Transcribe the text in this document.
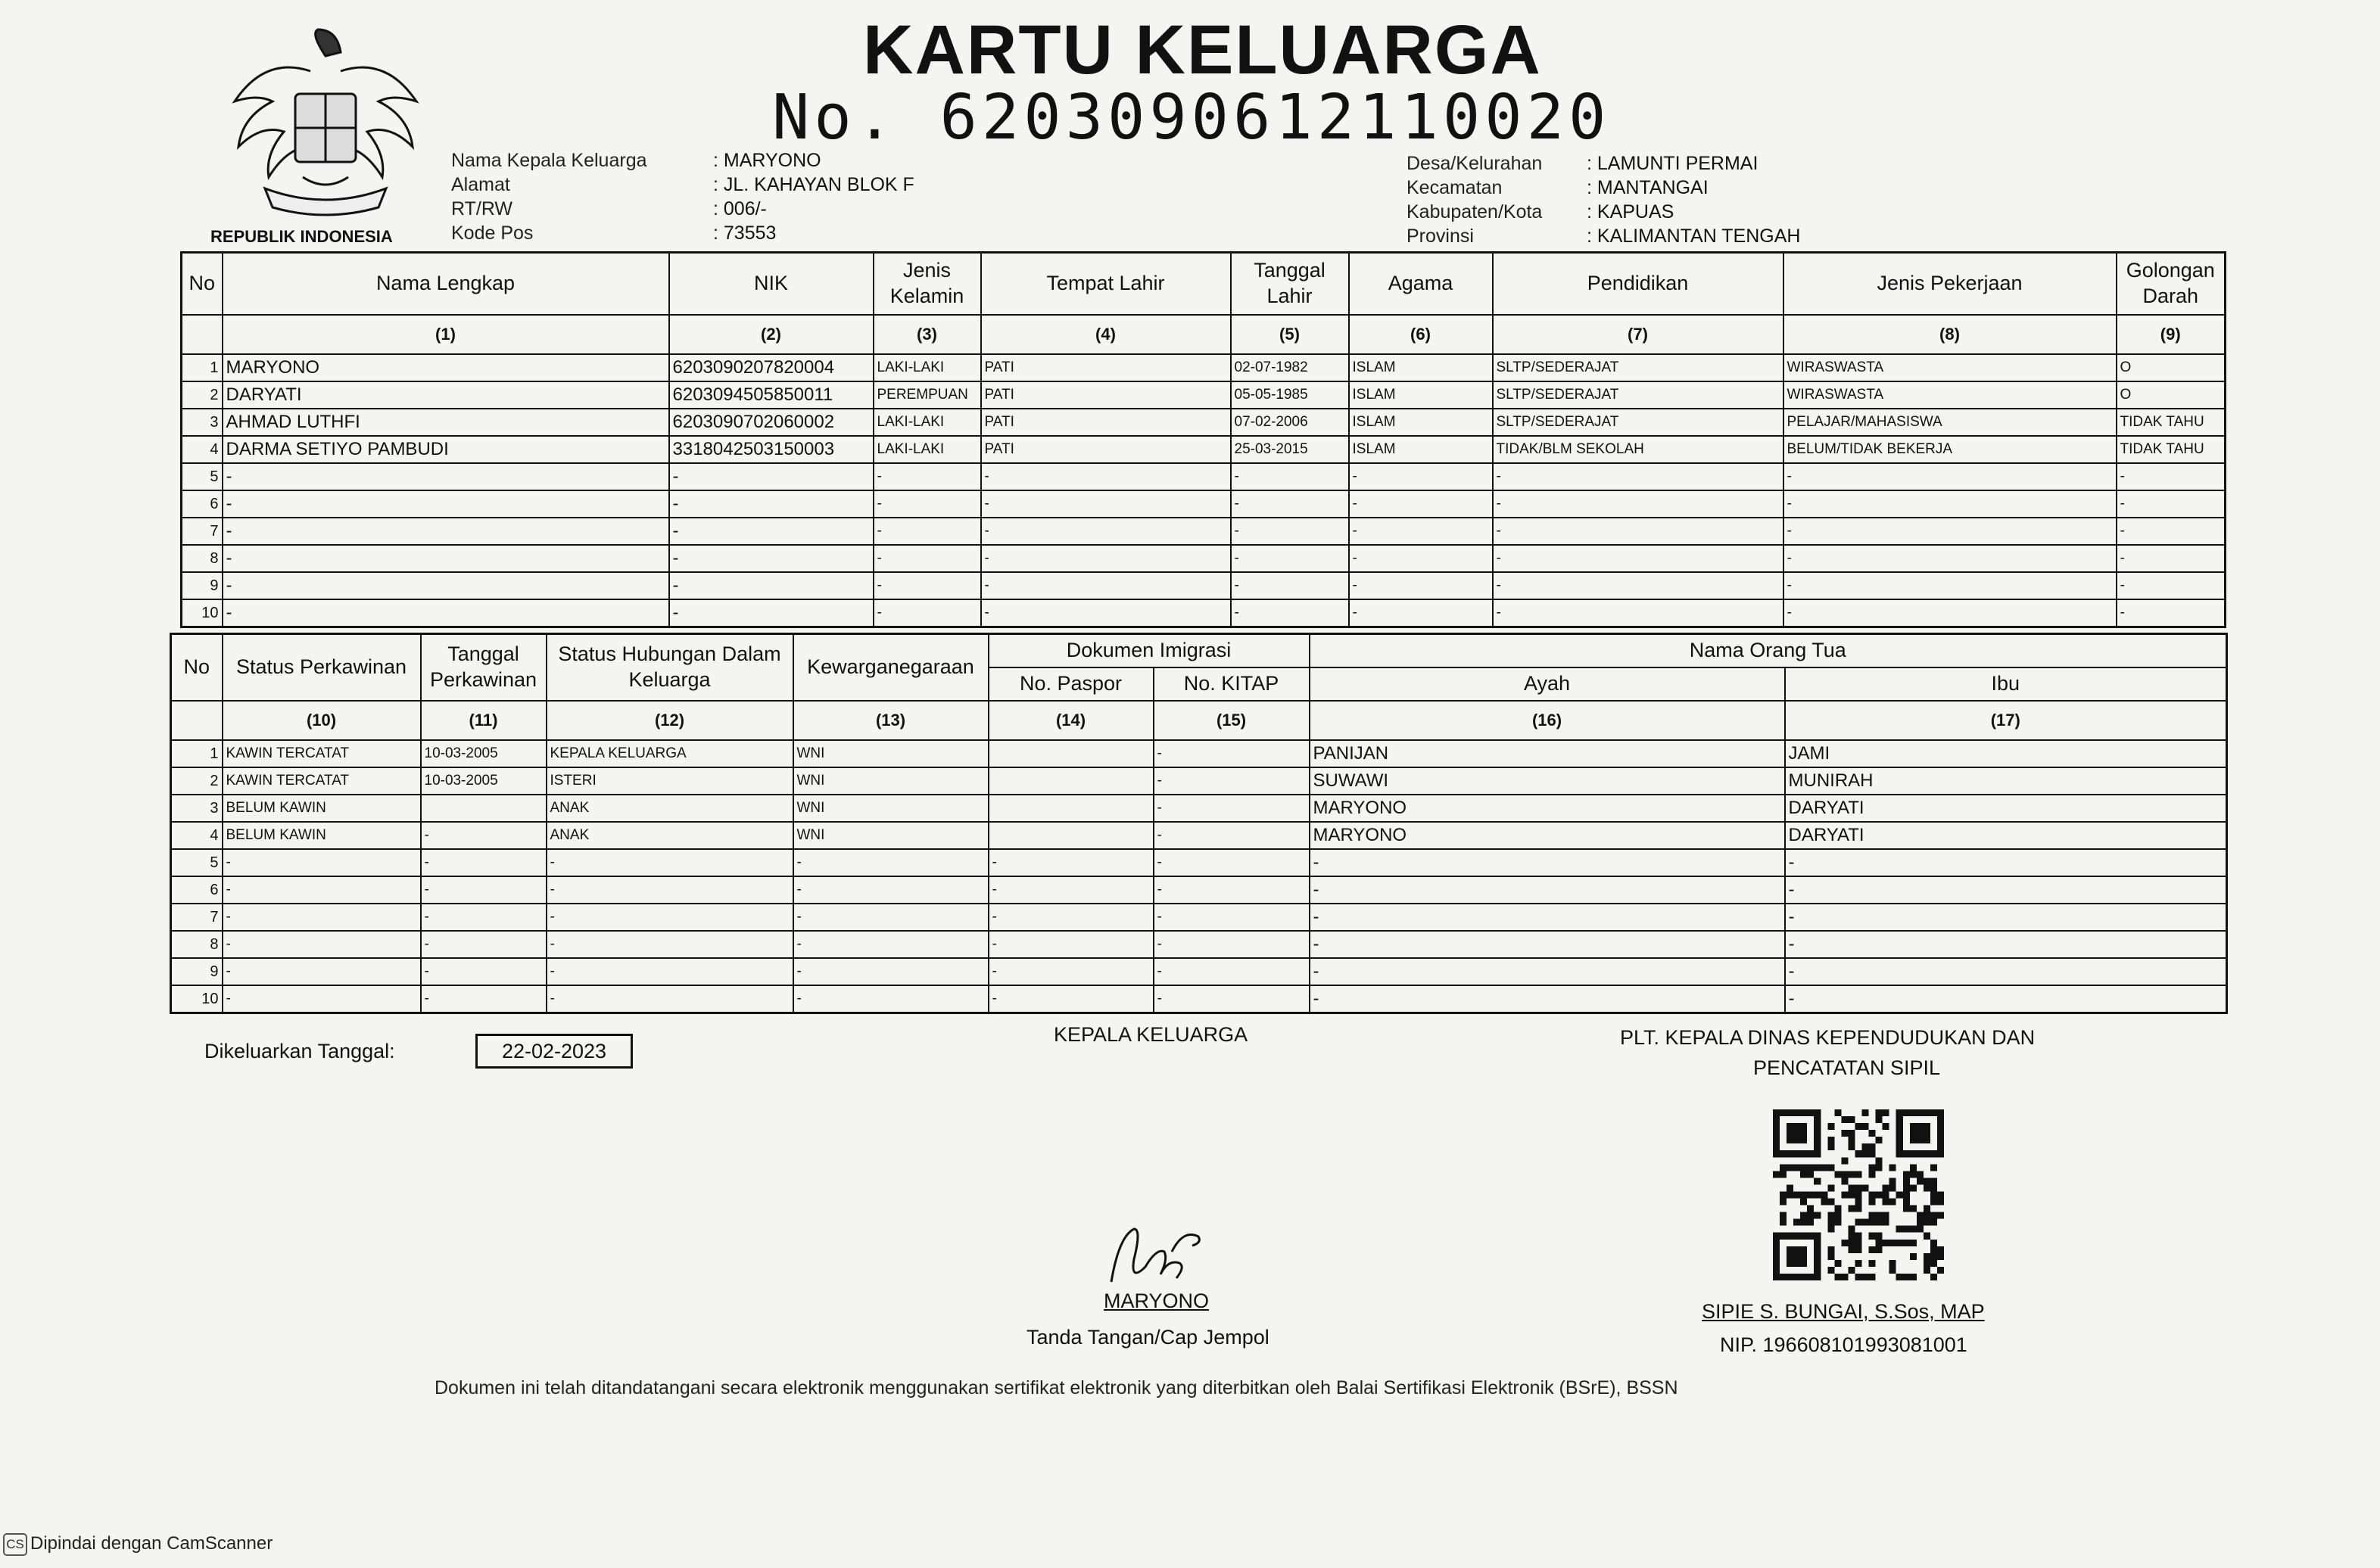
REPUBLIK INDONESIA
KARTU KELUARGA
No. 6203090612110020
Nama Kepala Keluarga	: MARYONO
Alamat	: JL. KAHAYAN BLOK F
RT/RW	: 006/-
Kode Pos	: 73553
Desa/Kelurahan : LAMUNTI PERMAI
Kecamatan	: MANTANGAI
Kabupaten/Kota : KAPUAS
Provinsi	: KALIMANTAN TENGAH
No	Nama Lengkap	NIK	Jenis Kelamin	Tempat Lahir	Tanggal Lahir	Agama	Pendidikan	Jenis Pekerjaan	Golongan Darah
	(1)	(2)	(3)	(4)	(5)	(6)	(7)	(8)	(9)
1	MARYONO	6203090207820004	LAKI-LAKI	PATI	02-07-1982	ISLAM	SLTP/SEDERAJAT	WIRASWASTA	O
2	DARYATI	6203094505850011	PEREMPUAN	PATI	05-05-1985	ISLAM	SLTP/SEDERAJAT	WIRASWASTA	O
3	AHMAD LUTHFI	6203090702060002	LAKI-LAKI	PATI	07-02-2006	ISLAM	SLTP/SEDERAJAT	PELAJAR/MAHASISWA	TIDAK TAHU
4	DARMA SETIYO PAMBUDI	3318042503150003	LAKI-LAKI	PATI	25-03-2015	ISLAM	TIDAK/BLM SEKOLAH	BELUM/TIDAK BEKERJA	TIDAK TAHU
5	-	-	-	-	-	-	-	-	-
6	-	-	-	-	-	-	-	-	-
7	-	-	-	-	-	-	-	-	-
8	-	-	-	-	-	-	-	-	-
9	-	-	-	-	-	-	-	-	-
10	-	-	-	-	-	-	-	-	-
No	Status Perkawinan	Tanggal Perkawinan	Status Hubungan Dalam Keluarga	Kewarganegaraan	Dokumen Imigrasi		Nama Orang Tua	
					No. Paspor	No. KITAP	Ayah	Ibu
	(10)	(11)	(12)	(13)	(14)	(15)	(16)	(17)
1	KAWIN TERCATAT	10-03-2005	KEPALA KELUARGA	WNI		-	PANIJAN	JAMI
2	KAWIN TERCATAT	10-03-2005	ISTERI	WNI		-	SUWAWI	MUNIRAH
3	BELUM KAWIN		ANAK	WNI		-	MARYONO	DARYATI
4	BELUM KAWIN	-	ANAK	WNI		-	MARYONO	DARYATI
5	-	-	-	-	-	-	-	-
6	-	-	-	-	-	-	-	-
7	-	-	-	-	-	-	-	-
8	-	-	-	-	-	-	-	-
9	-	-	-	-	-	-	-	-
10	-	-	-	-	-	-	-	-
Dikeluarkan Tanggal:	22-02-2023
KEPALA KELUARGA
MARYONO
Tanda Tangan/Cap Jempol
PLT. KEPALA DINAS KEPENDUDUKAN DAN
PENCATATAN SIPIL
SIPIE S. BUNGAI, S.Sos, MAP
NIP. 196608101993081001
Dokumen ini telah ditandatangani secara elektronik menggunakan sertifikat elektronik yang diterbitkan oleh Balai Sertifikasi Elektronik (BSrE), BSSN
CS Dipindai dengan CamScanner
